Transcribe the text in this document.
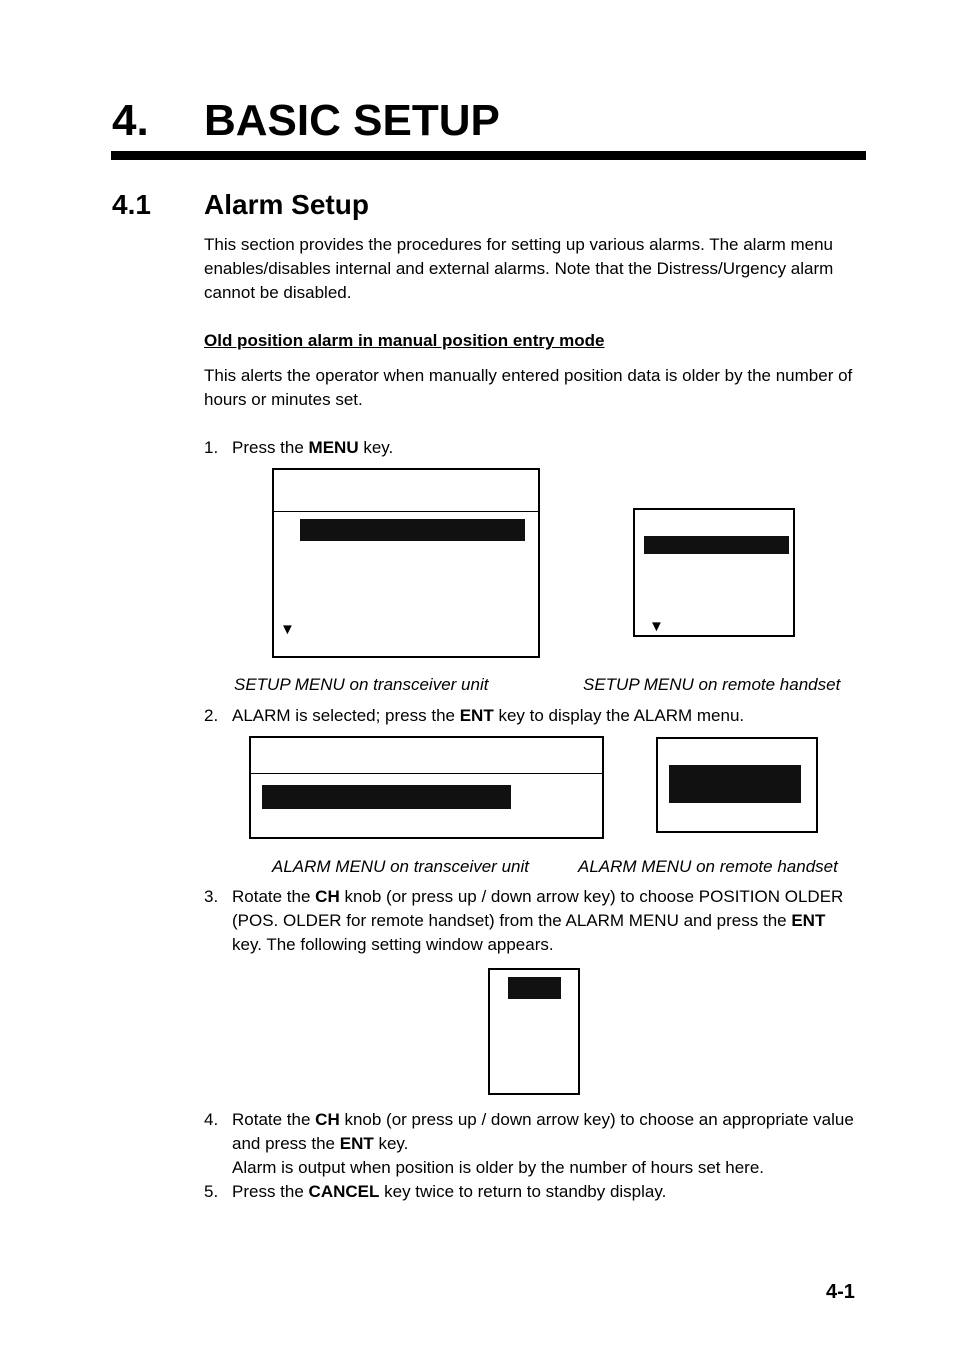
4. BASIC SETUP
4.1 Alarm Setup
This section provides the procedures for setting up various alarms. The alarm menu enables/disables internal and external alarms. Note that the Distress/Urgency alarm cannot be disabled.
Old position alarm in manual position entry mode
This alerts the operator when manually entered position data is older by the number of hours or minutes set.
1. Press the MENU key.
▼	▼
SETUP MENU on transceiver unit	SETUP MENU on remote handset
2. ALARM is selected; press the ENT key to display the ALARM menu.
ALARM MENU on transceiver unit	ALARM MENU on remote handset
3. Rotate the CH knob (or press up / down arrow key) to choose POSITION OLDER (POS. OLDER for remote handset) from the ALARM MENU and press the ENT key. The following setting window appears.
4. Rotate the CH knob (or press up / down arrow key) to choose an appropriate value and press the ENT key.
Alarm is output when position is older by the number of hours set here.
5. Press the CANCEL key twice to return to standby display.
4-1
